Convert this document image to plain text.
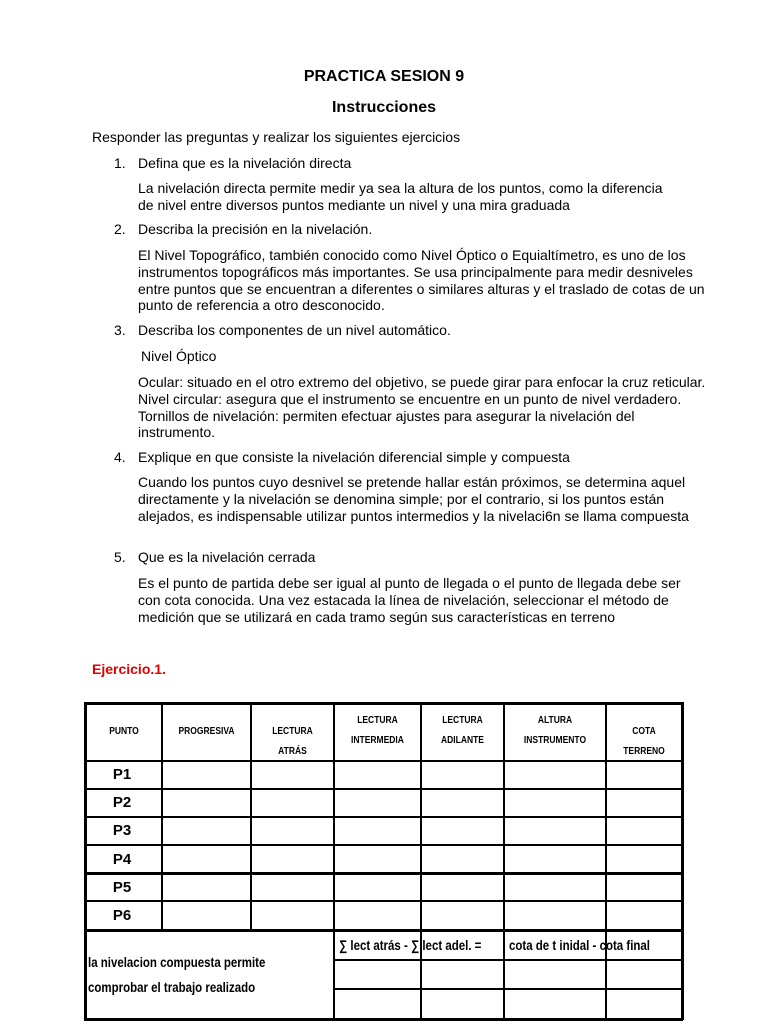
PRACTICA SESION 9
Instrucciones
Responder las preguntas y realizar los siguientes ejercicios
1. Defina que es la nivelación directa
La nivelación directa permite medir ya sea la altura de los puntos, como la diferencia de nivel entre diversos puntos mediante un nivel y una mira graduada
2. Describa la precisión en la nivelación.
El Nivel Topográfico, también conocido como Nivel Óptico o Equialtímetro, es uno de los instrumentos topográficos más importantes. Se usa principalmente para medir desniveles entre puntos que se encuentran a diferentes o similares alturas y el traslado de cotas de un punto de referencia a otro desconocido.
3. Describa los componentes de un nivel automático.
Nivel Óptico
Ocular: situado en el otro extremo del objetivo, se puede girar para enfocar la cruz reticular. Nivel circular: asegura que el instrumento se encuentre en un punto de nivel verdadero. Tornillos de nivelación: permiten efectuar ajustes para asegurar la nivelación del instrumento.
4. Explique en que consiste la nivelación diferencial simple y compuesta
Cuando los puntos cuyo desnivel se pretende hallar están próximos, se determina aquel directamente y la nivelación se denomina simple; por el contrario, si los puntos están alejados, es indispensable utilizar puntos intermedios y la nivelaci6n se llama compuesta
5. Que es la nivelación cerrada
Es el punto de partida debe ser igual al punto de llegada o el punto de llegada debe ser con cota conocida. Una vez estacada la línea de nivelación, seleccionar el método de medición que se utilizará en cada tramo según sus características en terreno
Ejercicio.1.
PUNTO	PROGRESIVA	LECTURA ATRÁS
LECTURA
INTERMEDIA
LECTURA
ADILANTE
ALTURA
INSTRUMENTO
COTA TERRENO
P1
P2
P3
P4
P5
P6
la nivelacion compuesta permite
comprobar el trabajo realizado
∑ lect atrás - ∑ lect adel. = cota de t inidal - cota final
